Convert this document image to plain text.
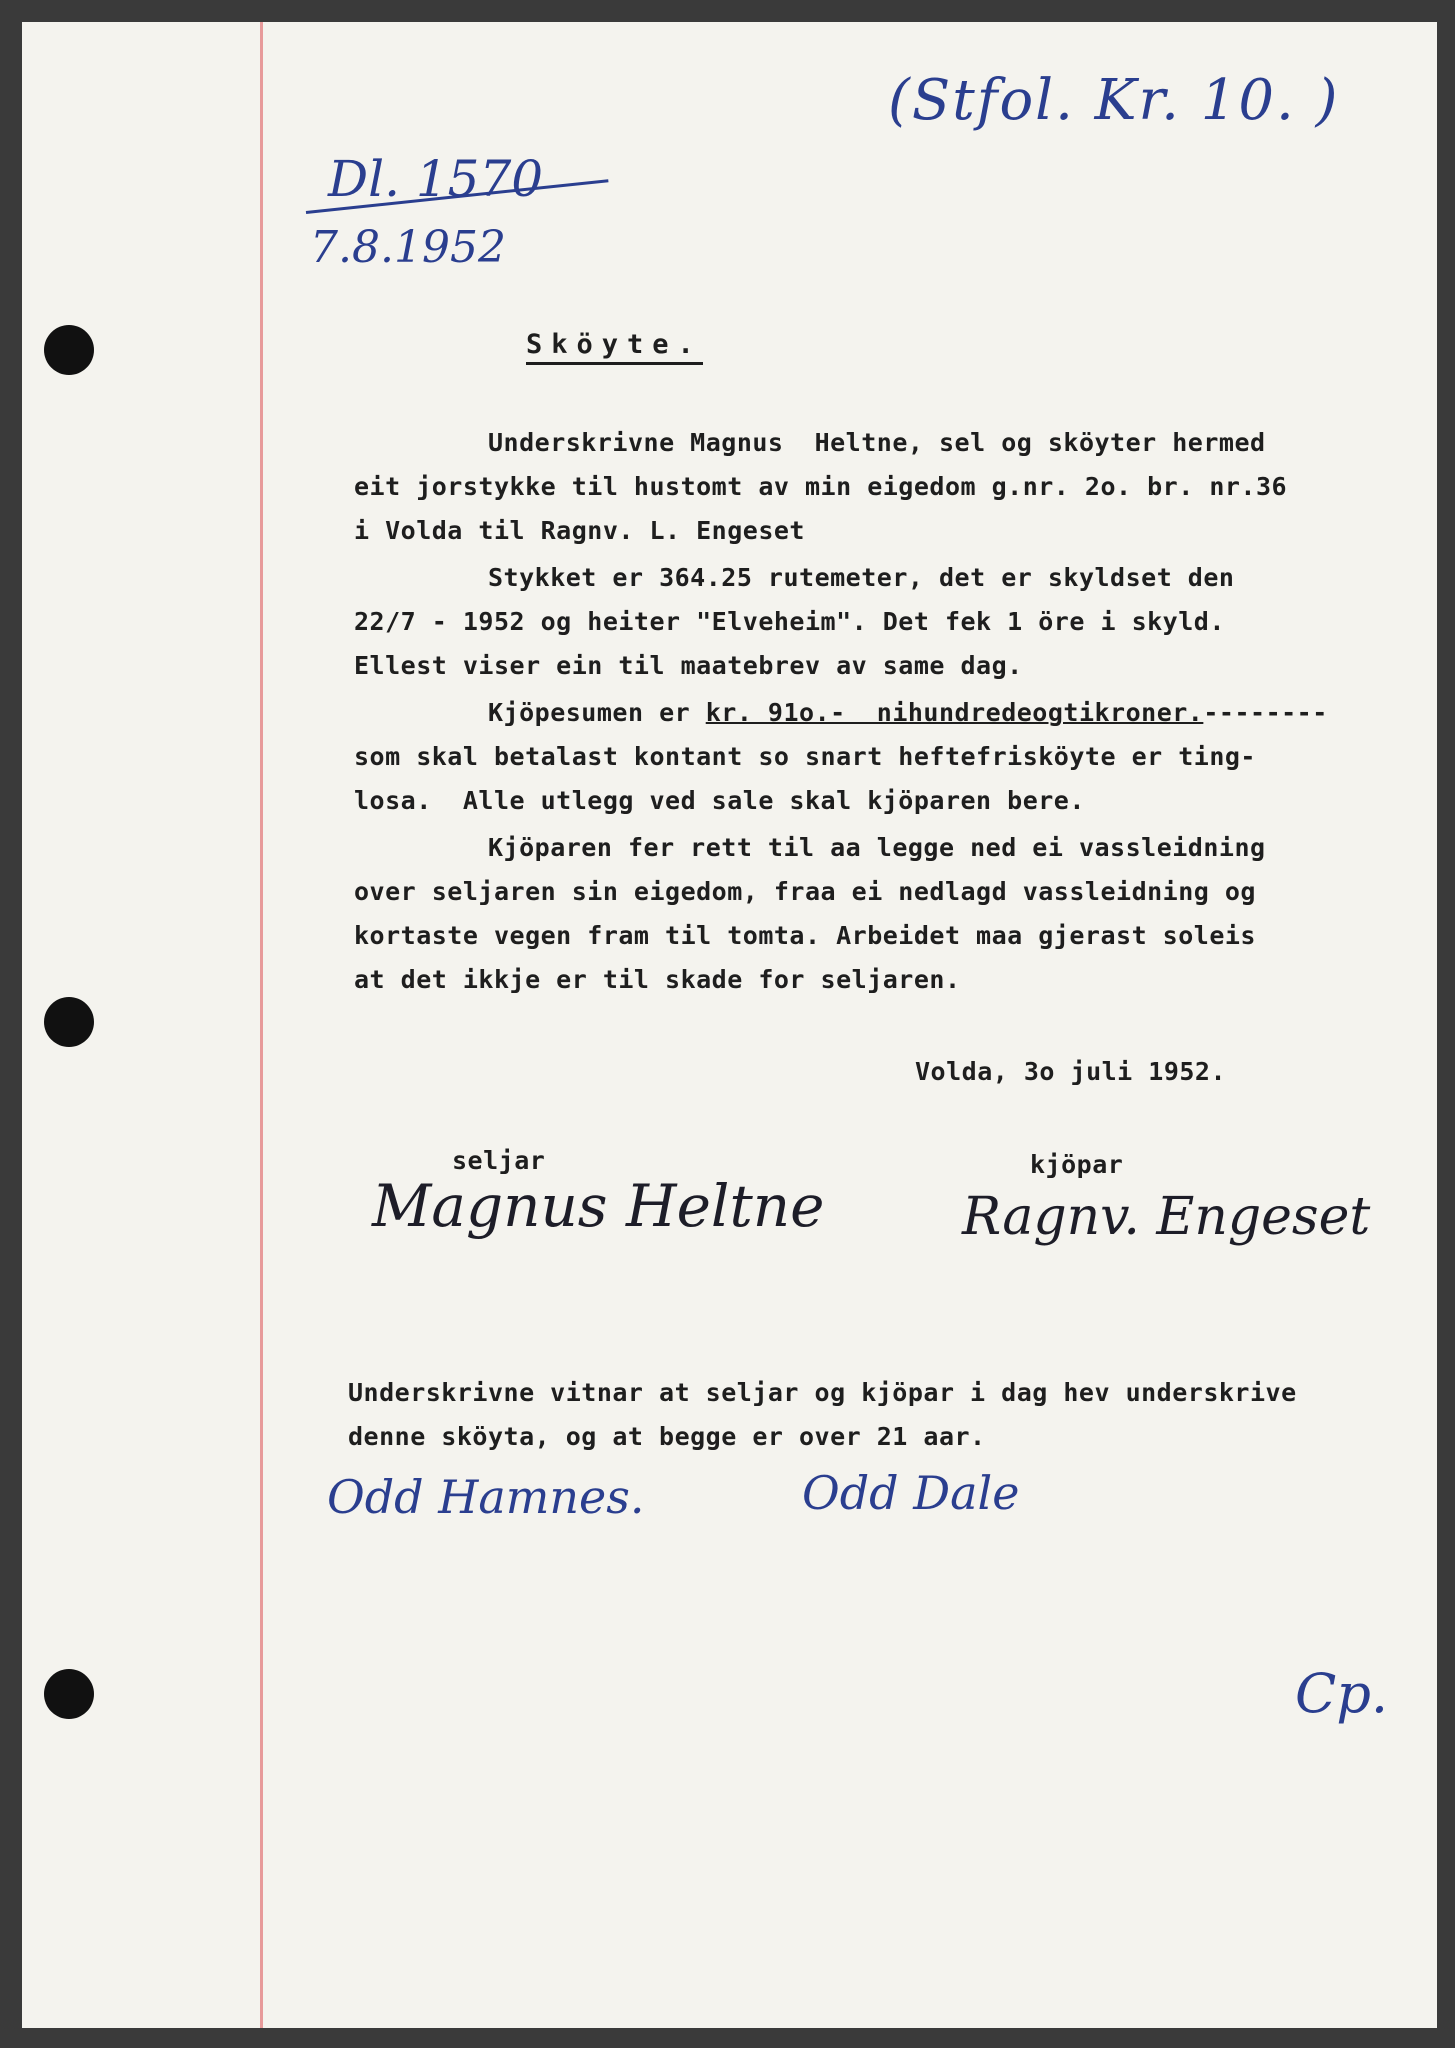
(Stfol. Kr. 10. )
Dl. 1570
7.8.1952
Sköyte.
Underskrivne Magnus  Heltne, sel og sköyter hermed
eit jorstykke til hustomt av min eigedom g.nr. 2o. br. nr.36
i Volda til Ragnv. L. Engeset
Stykket er 364.25 rutemeter, det er skyldset den
22/7 - 1952 og heiter "Elveheim". Det fek 1 öre i skyld.
Ellest viser ein til maatebrev av same dag.
Kjöpesumen er kr. 91o.-  nihundredeogtikroner.--------
som skal betalast kontant so snart heftefrisköyte er ting-
losa.  Alle utlegg ved sale skal kjöparen bere.
Kjöparen fer rett til aa legge ned ei vassleidning
over seljaren sin eigedom, fraa ei nedlagd vassleidning og
kortaste vegen fram til tomta. Arbeidet maa gjerast soleis
at det ikkje er til skade for seljaren.
Volda, 3o juli 1952.
seljar	kjöpar
Magnus Heltne	Ragnv. Engeset
Underskrivne vitnar at seljar og kjöpar i dag hev underskrive
denne sköyta, og at begge er over 21 aar.
Odd Hamnes.	Odd Dale
Cp.
